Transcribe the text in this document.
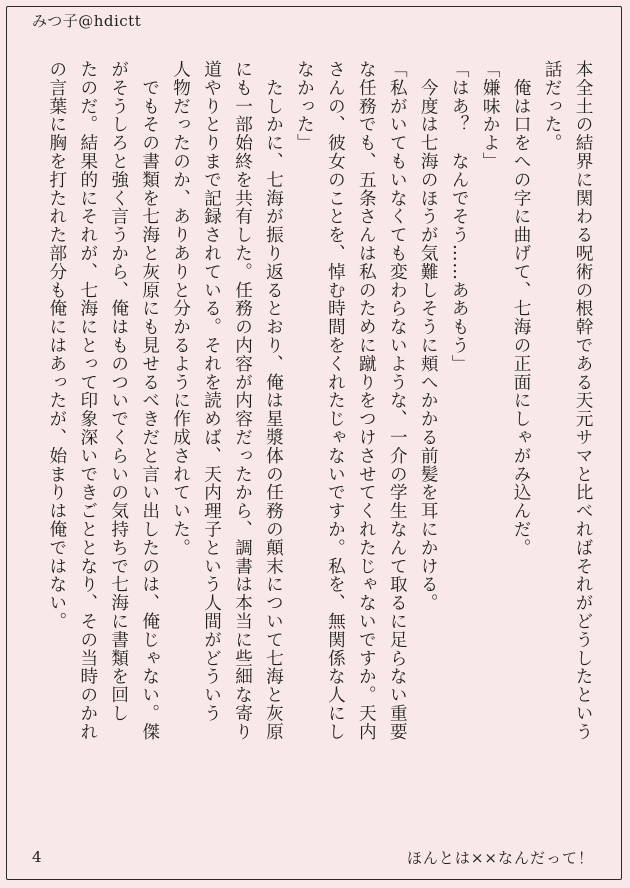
みつ子@hdictt

本全土の結界に関わる呪術の根幹である天元サマと比べればそれがどうしたという

話だった。

　俺は口をへの字に曲げて、七海の正面にしゃがみ込んだ。

「嫌味かよ」

「はあ？　なんでそう……ああもう」

　今度は七海のほうが気難しそうに頬へかかる前髪を耳にかける。

「私がいてもいなくても変わらないような、一介の学生なんて取るに足らない重要

な任務でも、五条さんは私のために蹴りをつけさせてくれたじゃないですか。天内

さんの、彼女のことを、悼む時間をくれたじゃないですか。私を、無関係な人にし

なかった」

　たしかに、七海が振り返るとおり、俺は星漿体の任務の顛末について七海と灰原

にも一部始終を共有した。任務の内容が内容だったから、調書は本当に些細な寄り

道やりとりまで記録されている。それを読めば、天内理子という人間がどういう

人物だったのか、ありありと分かるように作成されていた。

　でもその書類を七海と灰原にも見せるべきだと言い出したのは、俺じゃない。傑

がそうしろと強く言うから、俺はものついでくらいの気持ちで七海に書類を回し

たのだ。結果的にそれが、七海にとって印象深いできごととなり、その当時のかれ

の言葉に胸を打たれた部分も俺にはあったが、始まりは俺ではない。

4	ほんとは××なんだって！
